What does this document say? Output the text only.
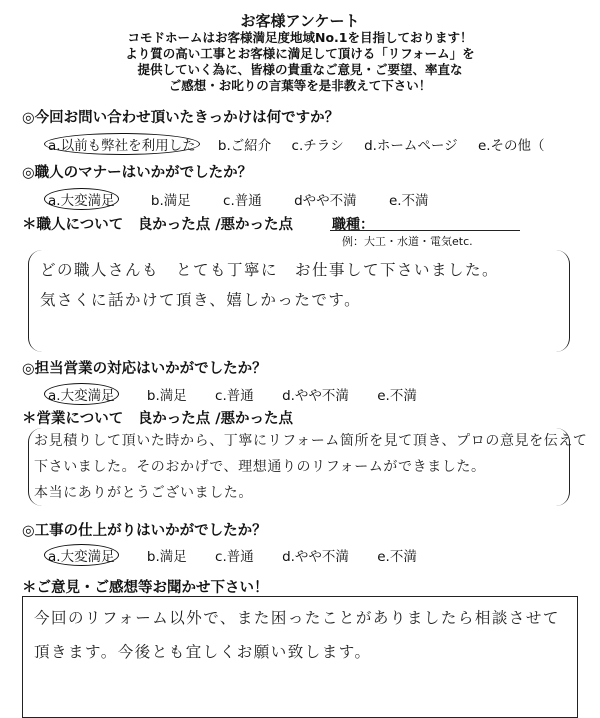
お客様アンケート
コモドホームはお客様満足度地域No.1を目指しております！
より質の高い工事とお客様に満足して頂ける「リフォーム」を
提供していく為に、皆様の貴重なご意見・ご要望、率直な
ご感想・お叱りの言葉等を是非教えて下さい！
◎今回お問い合わせ頂いたきっかけは何ですか？
a.以前も弊社を利用した b.ご紹介 c.チラシ d.ホームページ e.その他（
◎職人のマナーはいかがでしたか？
a.大変満足	b.満足 c.普通 dやや不満 e.不満
＊職人について　良かった点 /悪かった点	職種：
例：大工・水道・電気etc.
どの職人さんも　とても丁寧に　お仕事して下さいました。
気さくに話かけて頂き、嬉しかったです。
◎担当営業の対応はいかがでしたか？
a.大変満足 b.満足 c.普通 d.やや不満 e.不満
＊営業について　良かった点 /悪かった点
お見積りして頂いた時から、丁寧にリフォーム箇所を見て頂き、プロの意見を伝えて
下さいました。そのおかげで、理想通りのリフォームができました。
本当にありがとうございました。
◎工事の仕上がりはいかがでしたか？
a.大変満足 b.満足 c.普通 d.やや不満 e.不満
＊ご意見・ご感想等お聞かせ下さい！
今回のリフォーム以外で、また困ったことがありましたら相談させて
頂きます。今後とも宜しくお願い致します。
